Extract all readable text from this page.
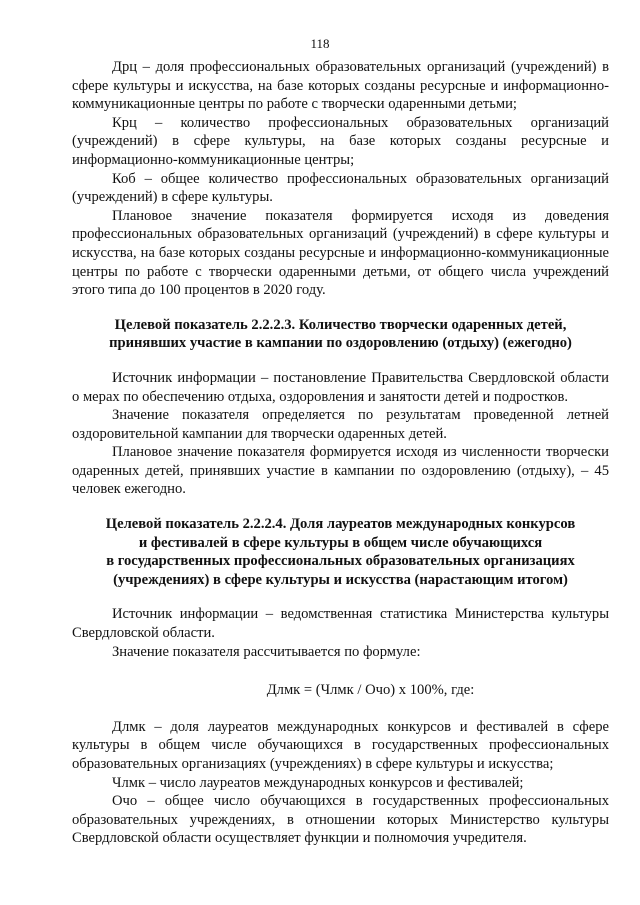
118

Дрц – доля профессиональных образовательных организаций (учреждений) в сфере культуры и искусства, на базе которых созданы ресурсные и информационно-коммуникационные центры по работе с творчески одаренными детьми;

Крц – количество профессиональных образовательных организаций (учреждений) в сфере культуры, на базе которых созданы ресурсные и информационно-коммуникационные центры;

Коб – общее количество профессиональных образовательных организаций (учреждений) в сфере культуры.

Плановое значение показателя формируется исходя из доведения профессиональных образовательных организаций (учреждений) в сфере культуры и искусства, на базе которых созданы ресурсные и информационно-коммуникационные центры по работе с творчески одаренными детьми, от общего числа учреждений этого типа до 100 процентов в 2020 году.

Целевой показатель 2.2.2.3. Количество творчески одаренных детей,
принявших участие в кампании по оздоровлению (отдыху) (ежегодно)

Источник информации – постановление Правительства Свердловской области о мерах по обеспечению отдыха, оздоровления и занятости детей и подростков.

Значение показателя определяется по результатам проведенной летней оздоровительной кампании для творчески одаренных детей.

Плановое значение показателя формируется исходя из численности творчески одаренных детей, принявших участие в кампании по оздоровлению (отдыху), – 45 человек ежегодно.

Целевой показатель 2.2.2.4. Доля лауреатов международных конкурсов
и фестивалей в сфере культуры в общем числе обучающихся
в государственных профессиональных образовательных организациях
(учреждениях) в сфере культуры и искусства (нарастающим итогом)

Источник информации – ведомственная статистика Министерства культуры Свердловской области.

Значение показателя рассчитывается по формуле:

Длмк = (Члмк / Очо) х 100%, где:

Длмк – доля лауреатов международных конкурсов и фестивалей в сфере культуры в общем числе обучающихся в государственных профессиональных образовательных организациях (учреждениях) в сфере культуры и искусства;

Члмк – число лауреатов международных конкурсов и фестивалей;

Очо – общее число обучающихся в государственных профессиональных образовательных учреждениях, в отношении которых Министерство культуры Свердловской области осуществляет функции и полномочия учредителя.
